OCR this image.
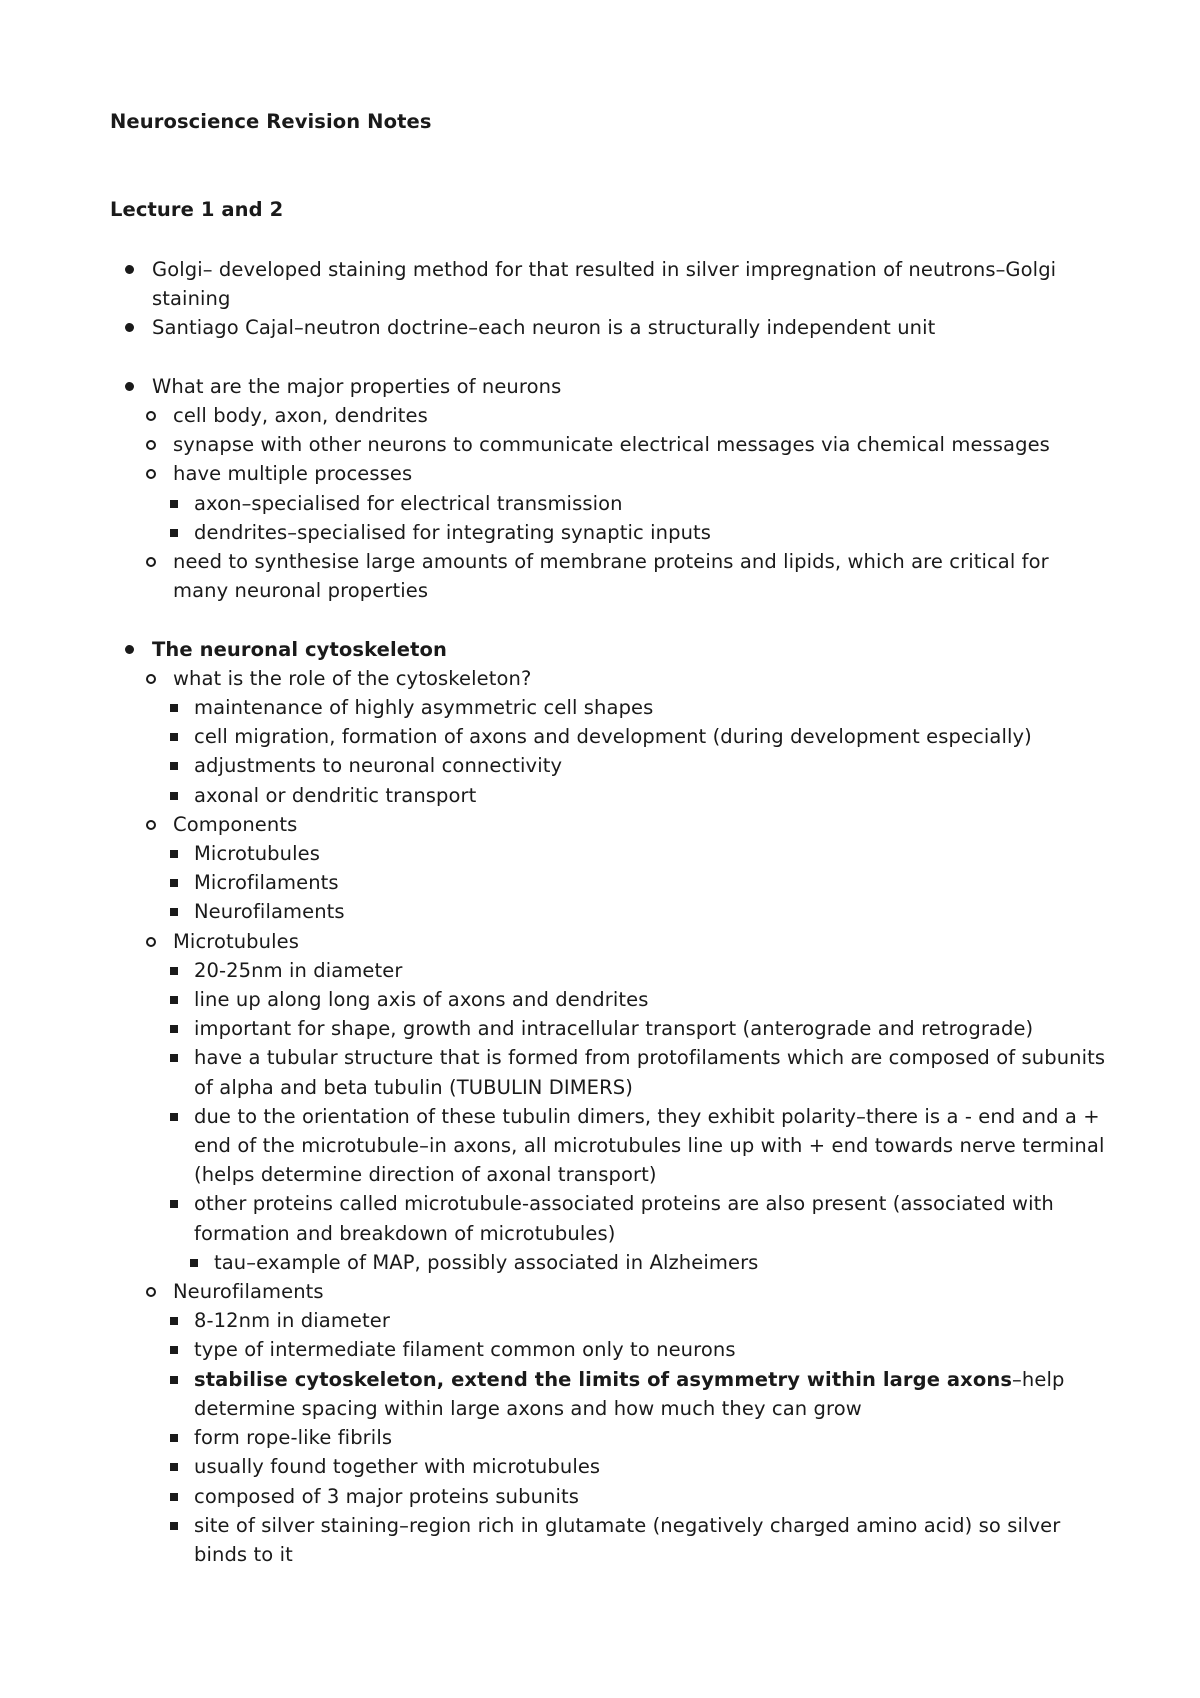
Neuroscience Revision Notes
Lecture 1 and 2
Golgi– developed staining method for that resulted in silver impregnation of neutrons–Golgi staining
Santiago Cajal–neutron doctrine–each neuron is a structurally independent unit
What are the major properties of neurons
cell body, axon, dendrites
synapse with other neurons to communicate electrical messages via chemical messages
have multiple processes
axon–specialised for electrical transmission
dendrites–specialised for integrating synaptic inputs
need to synthesise large amounts of membrane proteins and lipids, which are critical for many neuronal properties
The neuronal cytoskeleton
what is the role of the cytoskeleton?
maintenance of highly asymmetric cell shapes
cell migration, formation of axons and development (during development especially)
adjustments to neuronal connectivity
axonal or dendritic transport
Components
Microtubules
Microfilaments
Neurofilaments
Microtubules
20-25nm in diameter
line up along long axis of axons and dendrites
important for shape, growth and intracellular transport (anterograde and retrograde)
have a tubular structure that is formed from protofilaments which are composed of subunits of alpha and beta tubulin (TUBULIN DIMERS)
due to the orientation of these tubulin dimers, they exhibit polarity–there is a - end and a + end of the microtubule–in axons, all microtubules line up with + end towards nerve terminal (helps determine direction of axonal transport)
other proteins called microtubule-associated proteins are also present (associated with formation and breakdown of microtubules)
tau–example of MAP, possibly associated in Alzheimers
Neurofilaments
8-12nm in diameter
type of intermediate filament common only to neurons
stabilise cytoskeleton, extend the limits of asymmetry within large axons–help determine spacing within large axons and how much they can grow
form rope-like fibrils
usually found together with microtubules
composed of 3 major proteins subunits
site of silver staining–region rich in glutamate (negatively charged amino acid) so silver binds to it
